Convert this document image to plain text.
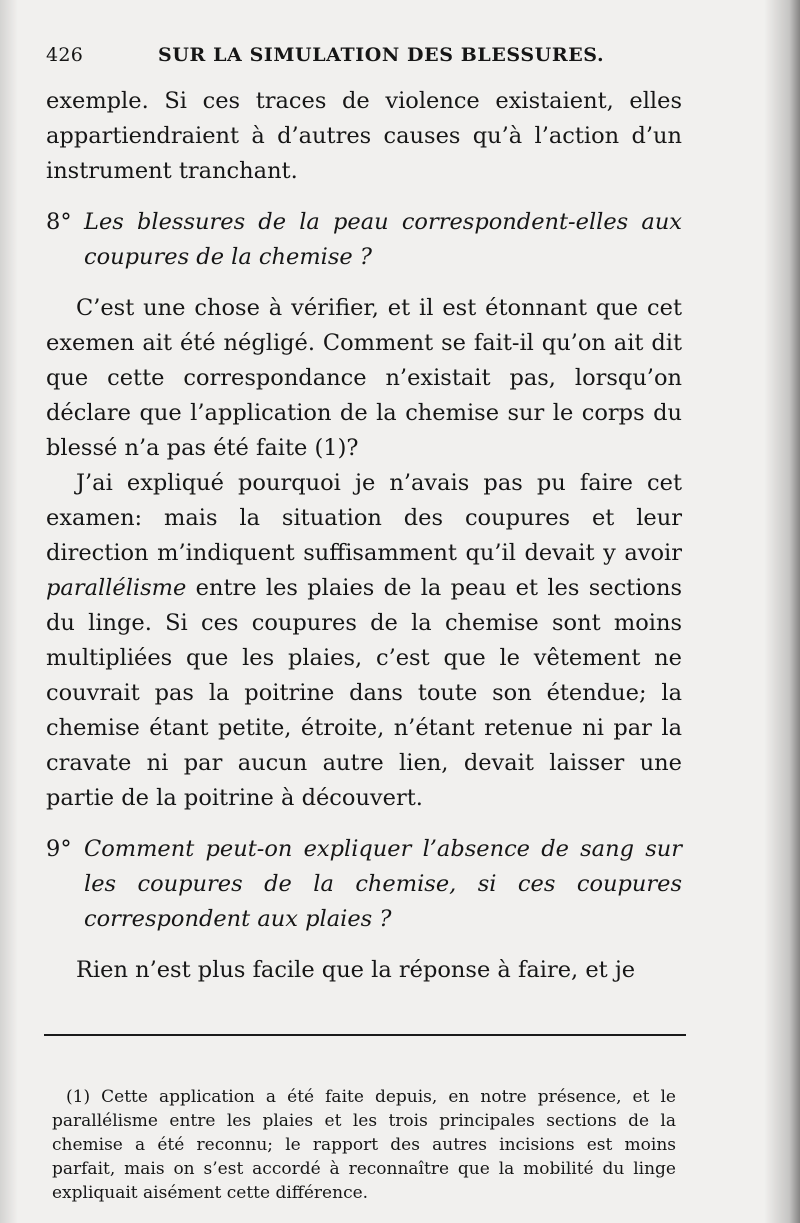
426	SUR LA SIMULATION DES BLESSURES.

exemple. Si ces traces de violence existaient, elles appartiendraient à d’autres causes qu’à l’action d’un instrument tranchant.

8° Les blessures de la peau correspondent-elles aux coupures de la chemise ?

C’est une chose à vérifier, et il est étonnant que cet exemen ait été négligé. Comment se fait-il qu’on ait dit que cette correspondance n’existait pas, lorsqu’on déclare que l’application de la chemise sur le corps du blessé n’a pas été faite (1)?

J’ai expliqué pourquoi je n’avais pas pu faire cet examen: mais la situation des coupures et leur direction m’indiquent suffisamment qu’il devait y avoir parallélisme entre les plaies de la peau et les sections du linge. Si ces coupures de la chemise sont moins multipliées que les plaies, c’est que le vêtement ne couvrait pas la poitrine dans toute son étendue; la chemise étant petite, étroite, n’étant retenue ni par la cravate ni par aucun autre lien, devait laisser une partie de la poitrine à découvert.

9° Comment peut-on expliquer l’absence de sang sur les coupures de la chemise, si ces coupures correspondent aux plaies ?

Rien n’est plus facile que la réponse à faire, et je

(1) Cette application a été faite depuis, en notre présence, et le parallélisme entre les plaies et les trois principales sections de la chemise a été reconnu; le rapport des autres incisions est moins parfait, mais on s’est accordé à reconnaître que la mobilité du linge expliquait aisément cette différence.
